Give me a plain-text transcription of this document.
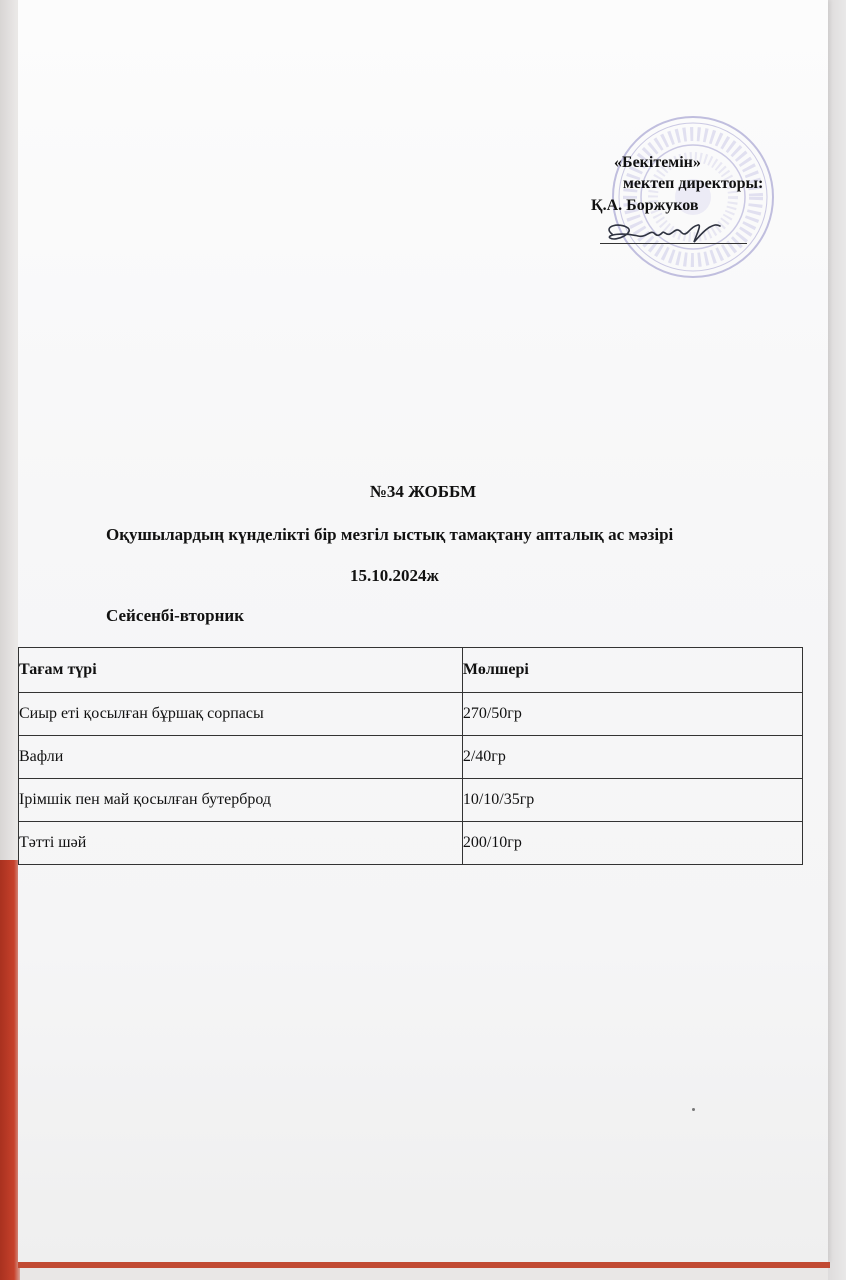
«Бекітемін»
мектеп директоры:
Қ.А. Боржуков
№34 ЖОББМ
Оқушылардың күнделікті бір мезгіл ыстық тамақтану апталық ас мәзірі
15.10.2024ж
Сейсенбі-вторник
Тағам түрі	Мөлшері
Сиыр еті қосылған бұршақ сорпасы	270/50гр
Вафли	2/40гр
Ірімшік пен май қосылған бутерброд	10/10/35гр
Тәтті шәй	200/10гр
